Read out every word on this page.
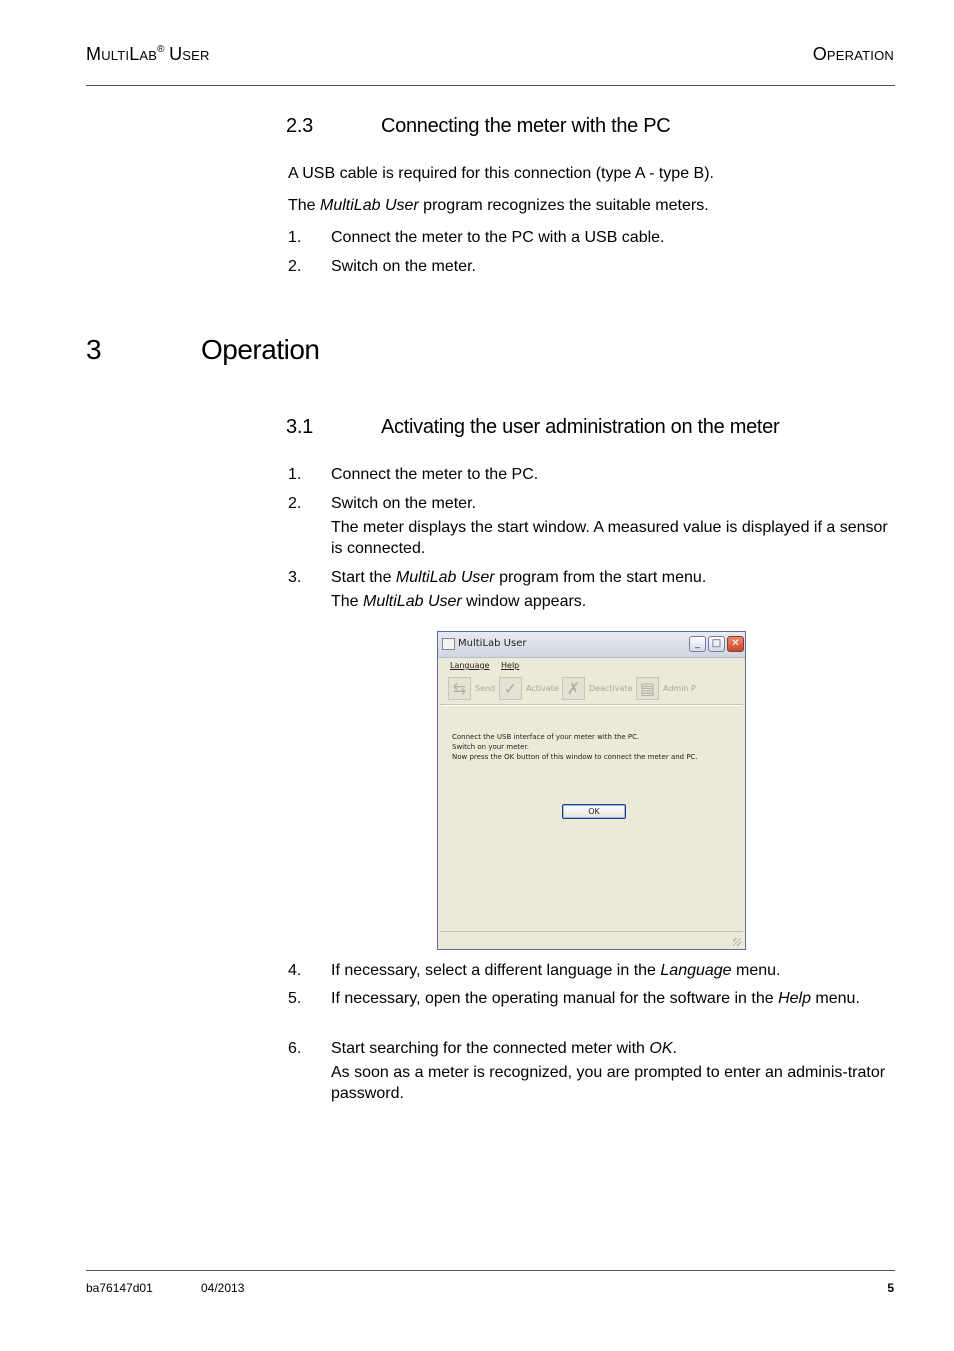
MultiLab® User	Operation
2.3	Connecting the meter with the PC
A USB cable is required for this connection (type A - type B).
The MultiLab User program recognizes the suitable meters.
1. Connect the meter to the PC with a USB cable.
2. Switch on the meter.
3	Operation
3.1	Activating the user administration on the meter
1. Connect the meter to the PC.
2. Switch on the meter.
The meter displays the start window. A measured value is displayed if a sensor is connected.
3. Start the MultiLab User program from the start menu.
The MultiLab User window appears.
MultiLab User	_	□	✕
Language Help
⇆	Send ✓	Activate ✗	Deactivate ▤ Admin P
Connect the USB interface of your meter with the PC.
Switch on your meter.
Now press the OK button of this window to connect the meter and PC.
OK
4. If necessary, select a different language in the Language menu.
5. If necessary, open the operating manual for the software in the Help menu.
6. Start searching for the connected meter with OK.
As soon as a meter is recognized, you are prompted to enter an adminis-trator password.
ba76147d01	04/2013	5
